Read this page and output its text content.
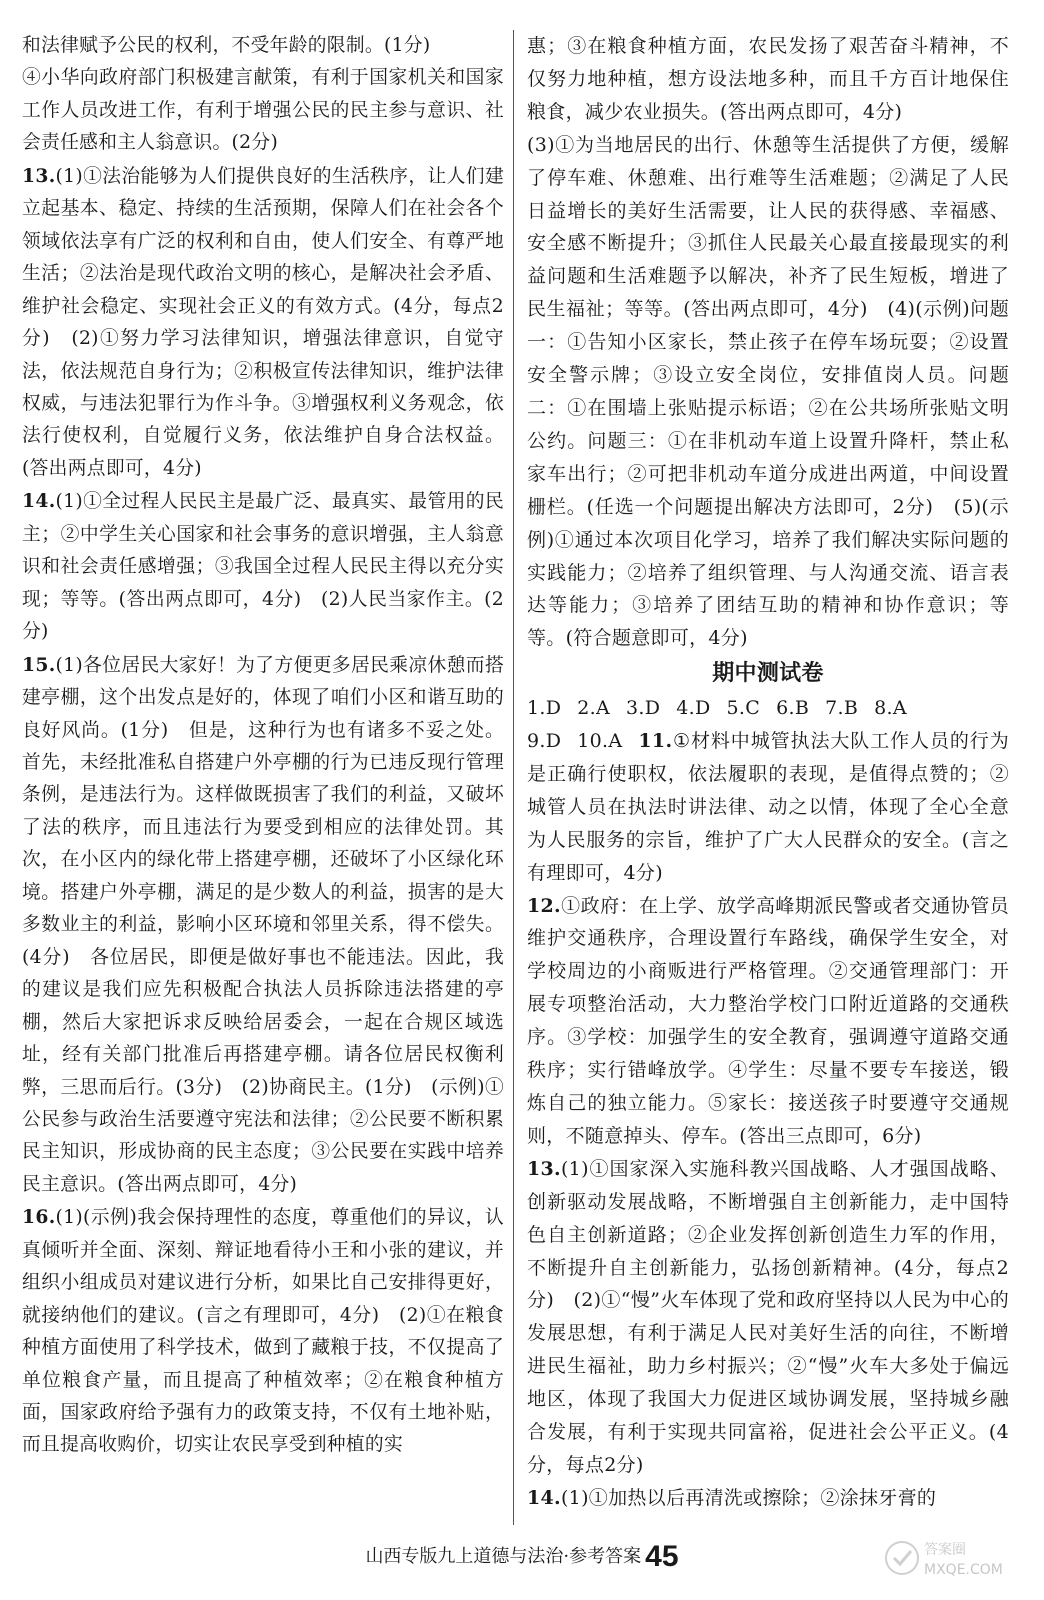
和法律赋予公民的权利，不受年龄的限制。(1分)

④小华向政府部门积极建言献策，有利于国家机关和国家工作人员改进工作，有利于增强公民的民主参与意识、社会责任感和主人翁意识。(2分)

13.(1)①法治能够为人们提供良好的生活秩序，让人们建立起基本、稳定、持续的生活预期，保障人们在社会各个领域依法享有广泛的权利和自由，使人们安全、有尊严地生活；②法治是现代政治文明的核心，是解决社会矛盾、维护社会稳定、实现社会正义的有效方式。(4分，每点2分)　(2)①努力学习法律知识，增强法律意识，自觉守法，依法规范自身行为；②积极宣传法律知识，维护法律权威，与违法犯罪行为作斗争。③增强权利义务观念，依法行使权利，自觉履行义务，依法维护自身合法权益。(答出两点即可，4分)　

14.(1)①全过程人民民主是最广泛、最真实、最管用的民主；②中学生关心国家和社会事务的意识增强，主人翁意识和社会责任感增强；③我国全过程人民民主得以充分实现；等等。(答出两点即可，4分)　(2)人民当家作主。(2分)

15.(1)各位居民大家好！为了方便更多居民乘凉休憩而搭建亭棚，这个出发点是好的，体现了咱们小区和谐互助的良好风尚。(1分)　但是，这种行为也有诸多不妥之处。首先，未经批准私自搭建户外亭棚的行为已违反现行管理条例，是违法行为。这样做既损害了我们的利益，又破坏了法的秩序，而且违法行为要受到相应的法律处罚。其次，在小区内的绿化带上搭建亭棚，还破坏了小区绿化环境。搭建户外亭棚，满足的是少数人的利益，损害的是大多数业主的利益，影响小区环境和邻里关系，得不偿失。(4分)　各位居民，即便是做好事也不能违法。因此，我的建议是我们应先积极配合执法人员拆除违法搭建的亭棚，然后大家把诉求反映给居委会，一起在合规区域选址，经有关部门批准后再搭建亭棚。请各位居民权衡利弊，三思而后行。(3分)　(2)协商民主。(1分)　(示例)①公民参与政治生活要遵守宪法和法律；②公民要不断积累民主知识，形成协商的民主态度；③公民要在实践中培养民主意识。(答出两点即可，4分)　

16.(1)(示例)我会保持理性的态度，尊重他们的异议，认真倾听并全面、深刻、辩证地看待小王和小张的建议，并组织小组成员对建议进行分析，如果比自己安排得更好，就接纳他们的建议。(言之有理即可，4分)　(2)①在粮食种植方面使用了科学技术，做到了藏粮于技，不仅提高了单位粮食产量，而且提高了种植效率；②在粮食种植方面，国家政府给予强有力的政策支持，不仅有土地补贴，而且提高收购价，切实让农民享受到种植的实

惠；③在粮食种植方面，农民发扬了艰苦奋斗精神，不仅努力地种植，想方设法地多种，而且千方百计地保住粮食，减少农业损失。(答出两点即可，4分)

(3)①为当地居民的出行、休憩等生活提供了方便，缓解了停车难、休憩难、出行难等生活难题；②满足了人民日益增长的美好生活需要，让人民的获得感、幸福感、安全感不断提升；③抓住人民最关心最直接最现实的利益问题和生活难题予以解决，补齐了民生短板，增进了民生福祉；等等。(答出两点即可，4分)　(4)(示例)问题一：①告知小区家长，禁止孩子在停车场玩耍；②设置安全警示牌；③设立安全岗位，安排值岗人员。问题二：①在围墙上张贴提示标语；②在公共场所张贴文明公约。问题三：①在非机动车道上设置升降杆，禁止私家车出行；②可把非机动车道分成进出两道，中间设置栅栏。(任选一个问题提出解决方法即可，2分)　(5)(示例)①通过本次项目化学习，培养了我们解决实际问题的实践能力；②培养了组织管理、与人沟通交流、语言表达等能力；③培养了团结互助的精神和协作意识；等等。(符合题意即可，4分)

期中测试卷

1.D 2.A 3.D 4.D 5.C 6.B 7.B 8.A

9.D 10.A 11.①材料中城管执法大队工作人员的行为是正确行使职权，依法履职的表现，是值得点赞的；②城管人员在执法时讲法律、动之以情，体现了全心全意为人民服务的宗旨，维护了广大人民群众的安全。(言之有理即可，4分)　

12.①政府：在上学、放学高峰期派民警或者交通协管员维护交通秩序，合理设置行车路线，确保学生安全，对学校周边的小商贩进行严格管理。②交通管理部门：开展专项整治活动，大力整治学校门口附近道路的交通秩序。③学校：加强学生的安全教育，强调遵守道路交通秩序；实行错峰放学。④学生：尽量不要专车接送，锻炼自己的独立能力。⑤家长：接送孩子时要遵守交通规则，不随意掉头、停车。(答出三点即可，6分)　

13.(1)①国家深入实施科教兴国战略、人才强国战略、创新驱动发展战略，不断增强自主创新能力，走中国特色自主创新道路；②企业发挥创新创造生力军的作用，不断提升自主创新能力，弘扬创新精神。(4分，每点2分)　(2)①“慢”火车体现了党和政府坚持以人民为中心的发展思想，有利于满足人民对美好生活的向往，不断增进民生福祉，助力乡村振兴；②“慢”火车大多处于偏远地区，体现了我国大力促进区域协调发展，坚持城乡融合发展，有利于实现共同富裕，促进社会公平正义。(4分，每点2分)

14.(1)①加热以后再清洗或擦除；②涂抹牙膏的

山西专版九上道德与法治·参考答案 45	答案圈
MXQE.COM
